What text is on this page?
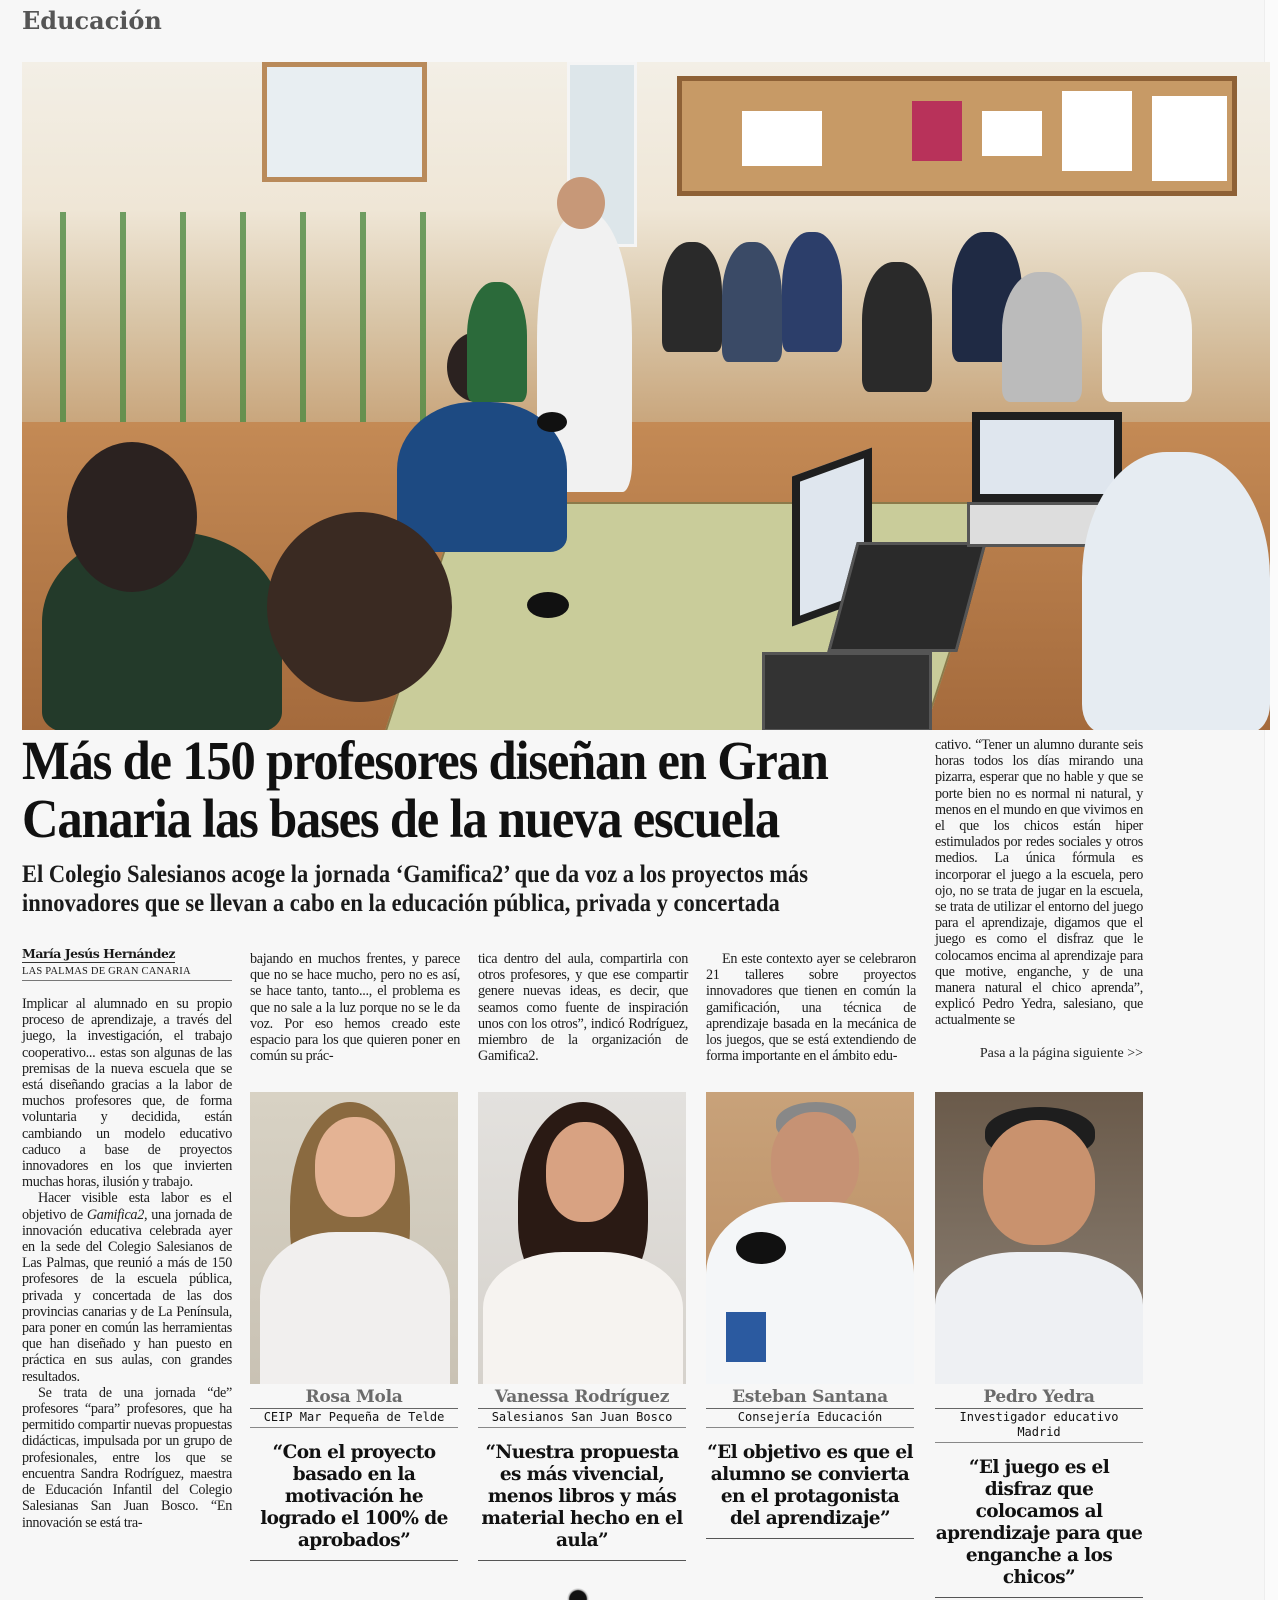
Educación
Más de 150 profesores diseñan en Gran
Canaria las bases de la nueva escuela
El Colegio Salesianos acoge la jornada ‘Gamifica2’ que da voz a los proyectos más
innovadores que se llevan a cabo en la educación pública, privada y concertada
María Jesús Hernández
LAS PALMAS DE GRAN CANARIA

Implicar al alumnado en su propio proceso de aprendizaje, a través del juego, la investigación, el trabajo cooperativo... estas son algunas de las premisas de la nueva escuela que se está diseñando gracias a la labor de muchos profesores que, de forma voluntaria y decidida, están cambiando un modelo educativo caduco a base de proyectos innovadores en los que invierten muchas horas, ilusión y trabajo.

Hacer visible esta labor es el objetivo de Gamifica2, una jornada de innovación educativa celebrada ayer en la sede del Colegio Salesianos de Las Palmas, que reunió a más de 150 profesores de la escuela pública, privada y concertada de las dos provincias canarias y de La Península, para poner en común las herramientas que han diseñado y han puesto en práctica en sus aulas, con grandes resultados.

Se trata de una jornada “de” profesores “para” profesores, que ha permitido compartir nuevas propuestas didácticas, impulsada por un grupo de profesionales, entre los que se encuentra Sandra Rodríguez, maestra de Educación Infantil del Colegio Salesianas San Juan Bosco. “En innovación se está tra-

bajando en muchos frentes, y parece que no se hace mucho, pero no es así, se hace tanto, tanto..., el problema es que no sale a la luz porque no se le da voz. Por eso hemos creado este espacio para los que quieren poner en común su prác-

tica dentro del aula, compartirla con otros profesores, y que ese compartir genere nuevas ideas, es decir, que seamos como fuente de inspiración unos con los otros”, indicó Rodríguez, miembro de la organización de Gamifica2.

En este contexto ayer se celebraron 21 talleres sobre proyectos innovadores que tienen en común la gamificación, una técnica de aprendizaje basada en la mecánica de los juegos, que se está extendiendo de forma importante en el ámbito edu-

cativo. “Tener un alumno durante seis horas todos los días mirando una pizarra, esperar que no hable y que se porte bien no es normal ni natural, y menos en el mundo en que vivimos en el que los chicos están hiper estimulados por redes sociales y otros medios. La única fórmula es incorporar el juego a la escuela, pero ojo, no se trata de jugar en la escuela, se trata de utilizar el entorno del juego para el aprendizaje, digamos que el juego es como el disfraz que le colocamos encima al aprendizaje para que motive, enganche, y de una manera natural el chico aprenda”, explicó Pedro Yedra, salesiano, que actualmente se

Pasa a la página siguiente >>
Rosa Mola
CEIP Mar Pequeña de Telde
“Con el proyecto basado en la motivación he logrado el 100% de aprobados”
Vanessa Rodríguez
Salesianos San Juan Bosco
“Nuestra propuesta es más vivencial, menos libros y más material hecho en el aula”
Esteban Santana
Consejería Educación
“El objetivo es que el alumno se convierta en el protagonista del aprendizaje”
Pedro Yedra
Investigador educativo Madrid
“El juego es el disfraz que colocamos al aprendizaje para que enganche a los chicos”
